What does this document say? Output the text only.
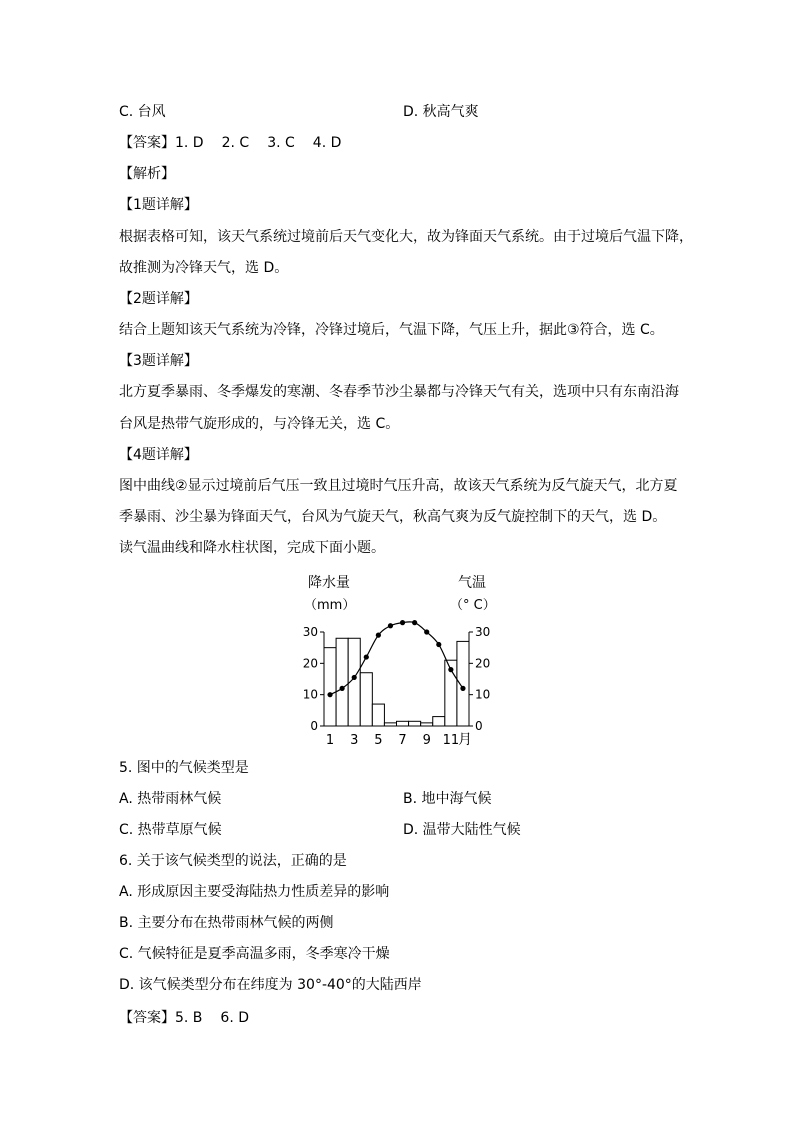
C. 台风	D. 秋高气爽
【答案】1. D 2. C 3. C 4. D
【解析】
【1题详解】
根据表格可知，该天气系统过境前后天气变化大，故为锋面天气系统。由于过境后气温下降，
故推测为冷锋天气，选 D。
【2题详解】
结合上题知该天气系统为冷锋，冷锋过境后，气温下降，气压上升，据此③符合，选 C。
【3题详解】
北方夏季暴雨、冬季爆发的寒潮、冬春季节沙尘暴都与冷锋天气有关，选项中只有东南沿海
台风是热带气旋形成的，与冷锋无关，选 C。
【4题详解】
图中曲线②显示过境前后气压一致且过境时气压升高，故该天气系统为反气旋天气，北方夏
季暴雨、沙尘暴为锋面天气，台风为气旋天气，秋高气爽为反气旋控制下的天气，选 D。
读气温曲线和降水柱状图，完成下面小题。
降水量
（mm）
气温
（° C）
0
10
20
30
0
10
20
30
1 3 5 7 9 11
月
5. 图中的气候类型是
A. 热带雨林气候	B. 地中海气候
C. 热带草原气候	D. 温带大陆性气候
6. 关于该气候类型的说法，正确的是
A. 形成原因主要受海陆热力性质差异的影响
B. 主要分布在热带雨林气候的两侧
C. 气候特征是夏季高温多雨，冬季寒冷干燥
D. 该气候类型分布在纬度为 30°-40°的大陆西岸
【答案】5. B 6. D
